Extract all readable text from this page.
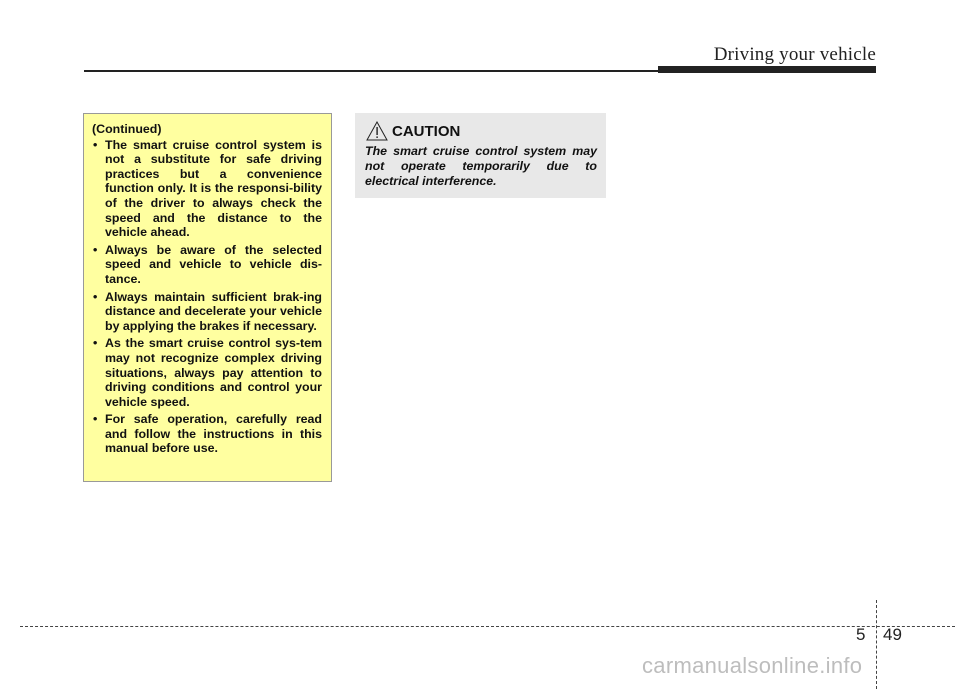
Driving your vehicle
(Continued)
• The smart cruise control system is not a substitute for safe driving practices but a convenience function only. It is the responsi-bility of the driver to always check the speed and the distance to the vehicle ahead.
• Always be aware of the selected speed and vehicle to vehicle dis-tance.
• Always maintain sufficient brak-ing distance and decelerate your vehicle by applying the brakes if necessary.
• As the smart cruise control sys-tem may not recognize complex driving situations, always pay attention to driving conditions and control your vehicle speed.
• For safe operation, carefully read and follow the instructions in this manual before use.
CAUTION
The smart cruise control system may not operate temporarily due to electrical interference.
5 49
carmanualsonline.info
